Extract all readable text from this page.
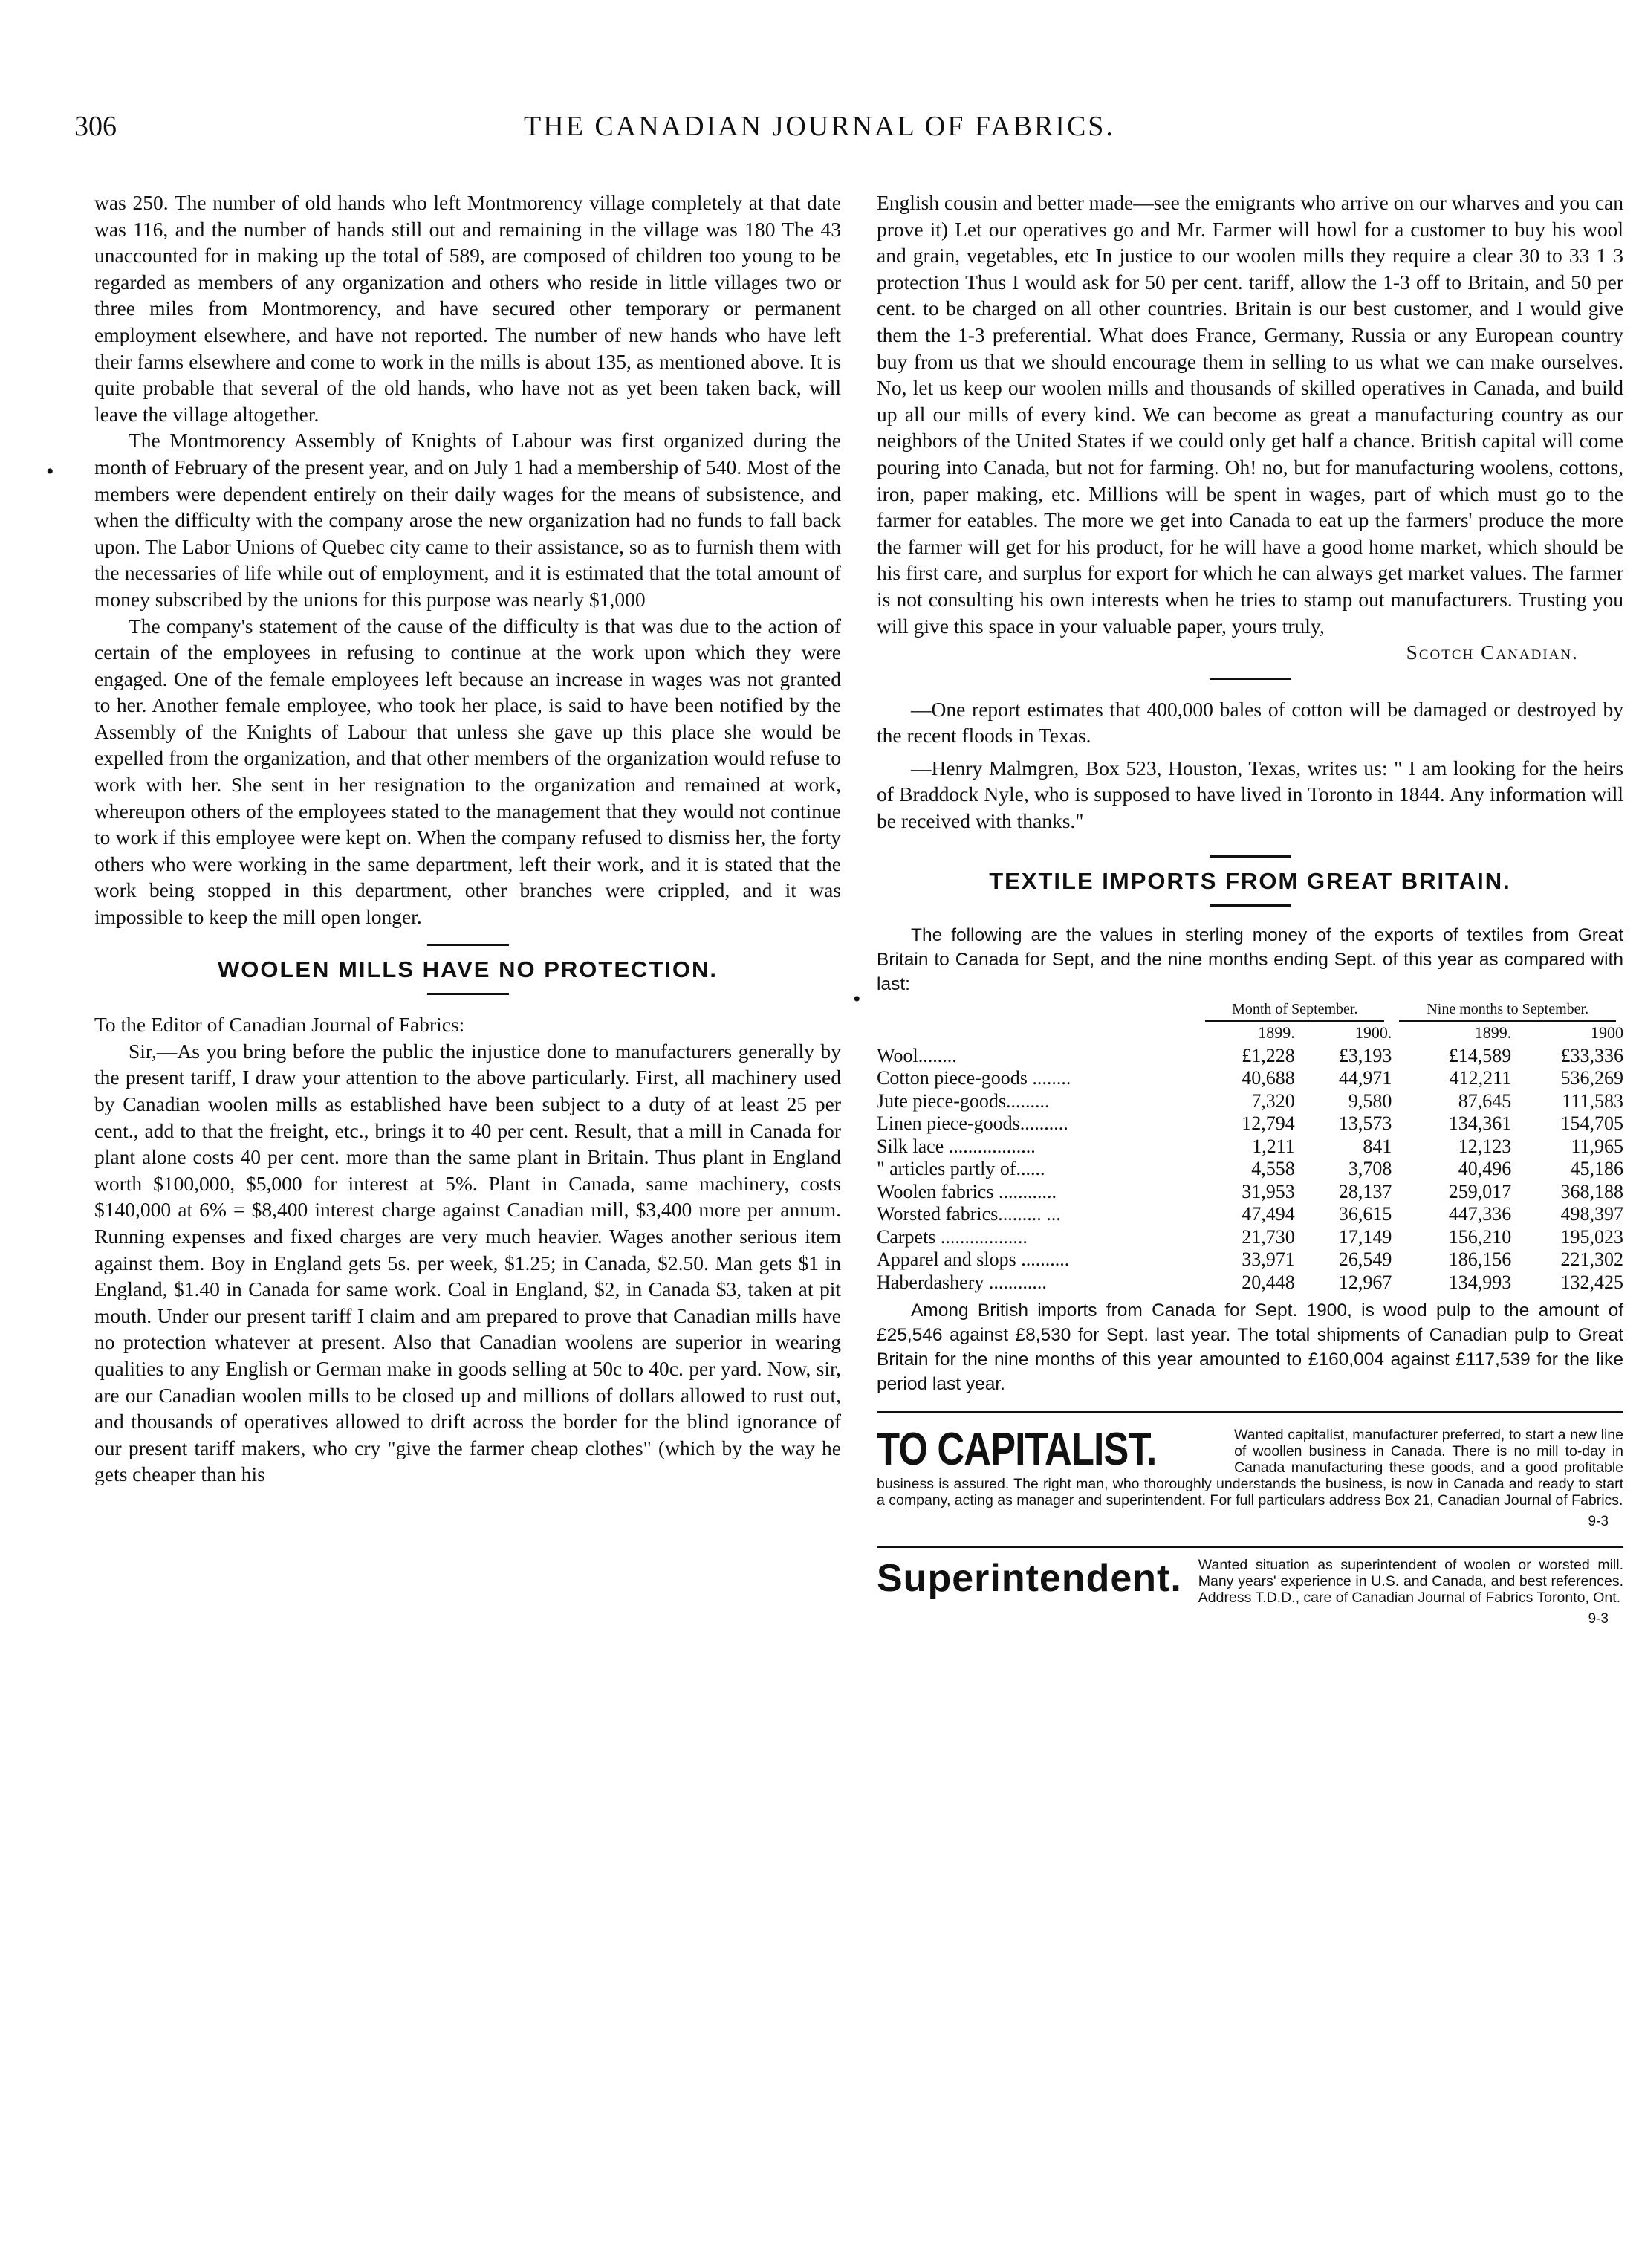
306	THE CANADIAN JOURNAL OF FABRICS.
•
•

was 250. The number of old hands who left Montmorency village completely at that date was 116, and the number of hands still out and remaining in the village was 180 The 43 unaccounted for in making up the total of 589, are composed of children too young to be regarded as members of any organization and others who reside in little villages two or three miles from Montmorency, and have secured other temporary or permanent employment elsewhere, and have not reported. The number of new hands who have left their farms elsewhere and come to work in the mills is about 135, as mentioned above. It is quite probable that several of the old hands, who have not as yet been taken back, will leave the village altogether.

The Montmorency Assembly of Knights of Labour was first organized during the month of February of the present year, and on July 1 had a membership of 540. Most of the members were dependent entirely on their daily wages for the means of subsistence, and when the difficulty with the company arose the new organization had no funds to fall back upon. The Labor Unions of Quebec city came to their assistance, so as to furnish them with the necessaries of life while out of employment, and it is estimated that the total amount of money subscribed by the unions for this purpose was nearly $1,000

The company's statement of the cause of the difficulty is that was due to the action of certain of the employees in refusing to continue at the work upon which they were engaged. One of the female employees left because an increase in wages was not granted to her. Another female employee, who took her place, is said to have been notified by the Assembly of the Knights of Labour that unless she gave up this place she would be expelled from the organization, and that other members of the organization would refuse to work with her. She sent in her resignation to the organization and remained at work, whereupon others of the employees stated to the management that they would not continue to work if this employee were kept on. When the company refused to dismiss her, the forty others who were working in the same department, left their work, and it is stated that the work being stopped in this department, other branches were crippled, and it was impossible to keep the mill open longer.

WOOLEN MILLS HAVE NO PROTECTION.

To the Editor of Canadian Journal of Fabrics:

Sir,—As you bring before the public the injustice done to manufacturers generally by the present tariff, I draw your attention to the above particularly. First, all machinery used by Canadian woolen mills as established have been subject to a duty of at least 25 per cent., add to that the freight, etc., brings it to 40 per cent. Result, that a mill in Canada for plant alone costs 40 per cent. more than the same plant in Britain. Thus plant in England worth $100,000, $5,000 for interest at 5%. Plant in Canada, same machinery, costs $140,000 at 6% = $8,400 interest charge against Canadian mill, $3,400 more per annum. Running expenses and fixed charges are very much heavier. Wages another serious item against them. Boy in England gets 5s. per week, $1.25; in Canada, $2.50. Man gets $1 in England, $1.40 in Canada for same work. Coal in England, $2, in Canada $3, taken at pit mouth. Under our present tariff I claim and am prepared to prove that Canadian mills have no protection whatever at present. Also that Canadian woolens are superior in wearing qualities to any English or German make in goods selling at 50c to 40c. per yard. Now, sir, are our Canadian woolen mills to be closed up and millions of dollars allowed to rust out, and thousands of operatives allowed to drift across the border for the blind ignorance of our present tariff makers, who cry "give the farmer cheap clothes" (which by the way he gets cheaper than his

English cousin and better made—see the emigrants who arrive on our wharves and you can prove it) Let our operatives go and Mr. Farmer will howl for a customer to buy his wool and grain, vegetables, etc In justice to our woolen mills they require a clear 30 to 33 1 3 protection Thus I would ask for 50 per cent. tariff, allow the 1-3 off to Britain, and 50 per cent. to be charged on all other countries. Britain is our best customer, and I would give them the 1-3 preferential. What does France, Germany, Russia or any European country buy from us that we should encourage them in selling to us what we can make ourselves. No, let us keep our woolen mills and thousands of skilled operatives in Canada, and build up all our mills of every kind. We can become as great a manufacturing country as our neighbors of the United States if we could only get half a chance. British capital will come pouring into Canada, but not for farming. Oh! no, but for manufacturing woolens, cottons, iron, paper making, etc. Millions will be spent in wages, part of which must go to the farmer for eatables. The more we get into Canada to eat up the farmers' produce the more the farmer will get for his product, for he will have a good home market, which should be his first care, and surplus for export for which he can always get market values. The farmer is not consulting his own interests when he tries to stamp out manufacturers. Trusting you will give this space in your valuable paper, yours truly,

Scotch Canadian.

—One report estimates that 400,000 bales of cotton will be damaged or destroyed by the recent floods in Texas.

—Henry Malmgren, Box 523, Houston, Texas, writes us: " I am looking for the heirs of Braddock Nyle, who is supposed to have lived in Toronto in 1844. Any information will be received with thanks."

TEXTILE IMPORTS FROM GREAT BRITAIN.

The following are the values in sterling money of the exports of textiles from Great Britain to Canada for Sept, and the nine months ending Sept. of this year as compared with last:

	Month of September.		Nine months to September.	

	1899.	1900.	1899.	1900
Wool........	£1,228	£3,193	£14,589	£33,336
Cotton piece-goods ........	40,688	44,971	412,211	536,269
Jute piece-goods.........	7,320	9,580	87,645	111,583
Linen piece-goods..........	12,794	13,573	134,361	154,705
Silk lace ..................	1,211	841	12,123	11,965
" articles partly of......	4,558	3,708	40,496	45,186
Woolen fabrics ............	31,953	28,137	259,017	368,188
Worsted fabrics......... ...	47,494	36,615	447,336	498,397
Carpets ..................	21,730	17,149	156,210	195,023
Apparel and slops ..........	33,971	26,549	186,156	221,302
Haberdashery ............	20,448	12,967	134,993	132,425

Among British imports from Canada for Sept. 1900, is wood pulp to the amount of £25,546 against £8,530 for Sept. last year. The total shipments of Canadian pulp to Great Britain for the nine months of this year amounted to £160,004 against £117,539 for the like period last year.

TO CAPITALIST.	Wanted capitalist, manufacturer preferred, to start a new line of woollen business in Canada. There is no mill to-day in Canada manufacturing these goods, and a good profitable business is assured. The right man, who thoroughly understands the business, is now in Canada and ready to start a company, acting as manager and superintendent. For full particulars address Box 21, Canadian Journal of Fabrics.
9-3
Superintendent.	Wanted situation as superintendent of woolen or worsted mill. Many years' experience in U.S. and Canada, and best references. Address T.D.D., care of Canadian Journal of Fabrics Toronto, Ont.
9-3
